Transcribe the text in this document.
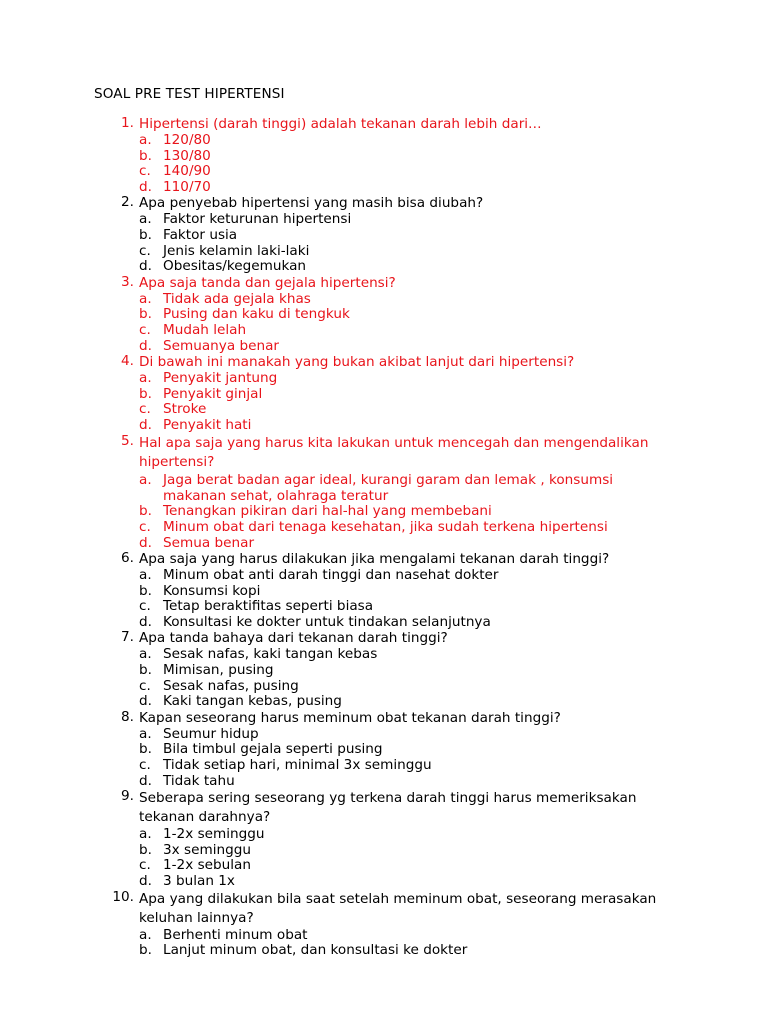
SOAL PRE TEST HIPERTENSI
1. Hipertensi (darah tinggi) adalah tekanan darah lebih dari…
a. 120/80
b. 130/80
c. 140/90
d. 110/70
2. Apa penyebab hipertensi yang masih bisa diubah?
a. Faktor keturunan hipertensi
b. Faktor usia
c. Jenis kelamin laki-laki
d. Obesitas/kegemukan
3. Apa saja tanda dan gejala hipertensi?
a. Tidak ada gejala khas
b. Pusing dan kaku di tengkuk
c. Mudah lelah
d. Semuanya benar
4. Di bawah ini manakah yang bukan akibat lanjut dari hipertensi?
a. Penyakit jantung
b. Penyakit ginjal
c. Stroke
d. Penyakit hati
5. Hal apa saja yang harus kita lakukan untuk mencegah dan mengendalikan hipertensi?
a. Jaga berat badan agar ideal, kurangi garam dan lemak , konsumsi makanan sehat, olahraga teratur
b. Tenangkan pikiran dari hal-hal yang membebani
c. Minum obat dari tenaga kesehatan, jika sudah terkena hipertensi
d. Semua benar
6. Apa saja yang harus dilakukan jika mengalami tekanan darah tinggi?
a. Minum obat anti darah tinggi dan nasehat dokter
b. Konsumsi kopi
c. Tetap beraktifitas seperti biasa
d. Konsultasi ke dokter untuk tindakan selanjutnya
7. Apa tanda bahaya dari tekanan darah tinggi?
a. Sesak nafas, kaki tangan kebas
b. Mimisan, pusing
c. Sesak nafas, pusing
d. Kaki tangan kebas, pusing
8. Kapan seseorang harus meminum obat tekanan darah tinggi?
a. Seumur hidup
b. Bila timbul gejala seperti pusing
c. Tidak setiap hari, minimal 3x seminggu
d. Tidak tahu
9. Seberapa sering seseorang yg terkena darah tinggi harus memeriksakan tekanan darahnya?
a. 1-2x seminggu
b. 3x seminggu
c. 1-2x sebulan
d. 3 bulan 1x
10. Apa yang dilakukan bila saat setelah meminum obat, seseorang merasakan keluhan lainnya?
a. Berhenti minum obat
b. Lanjut minum obat, dan konsultasi ke dokter
